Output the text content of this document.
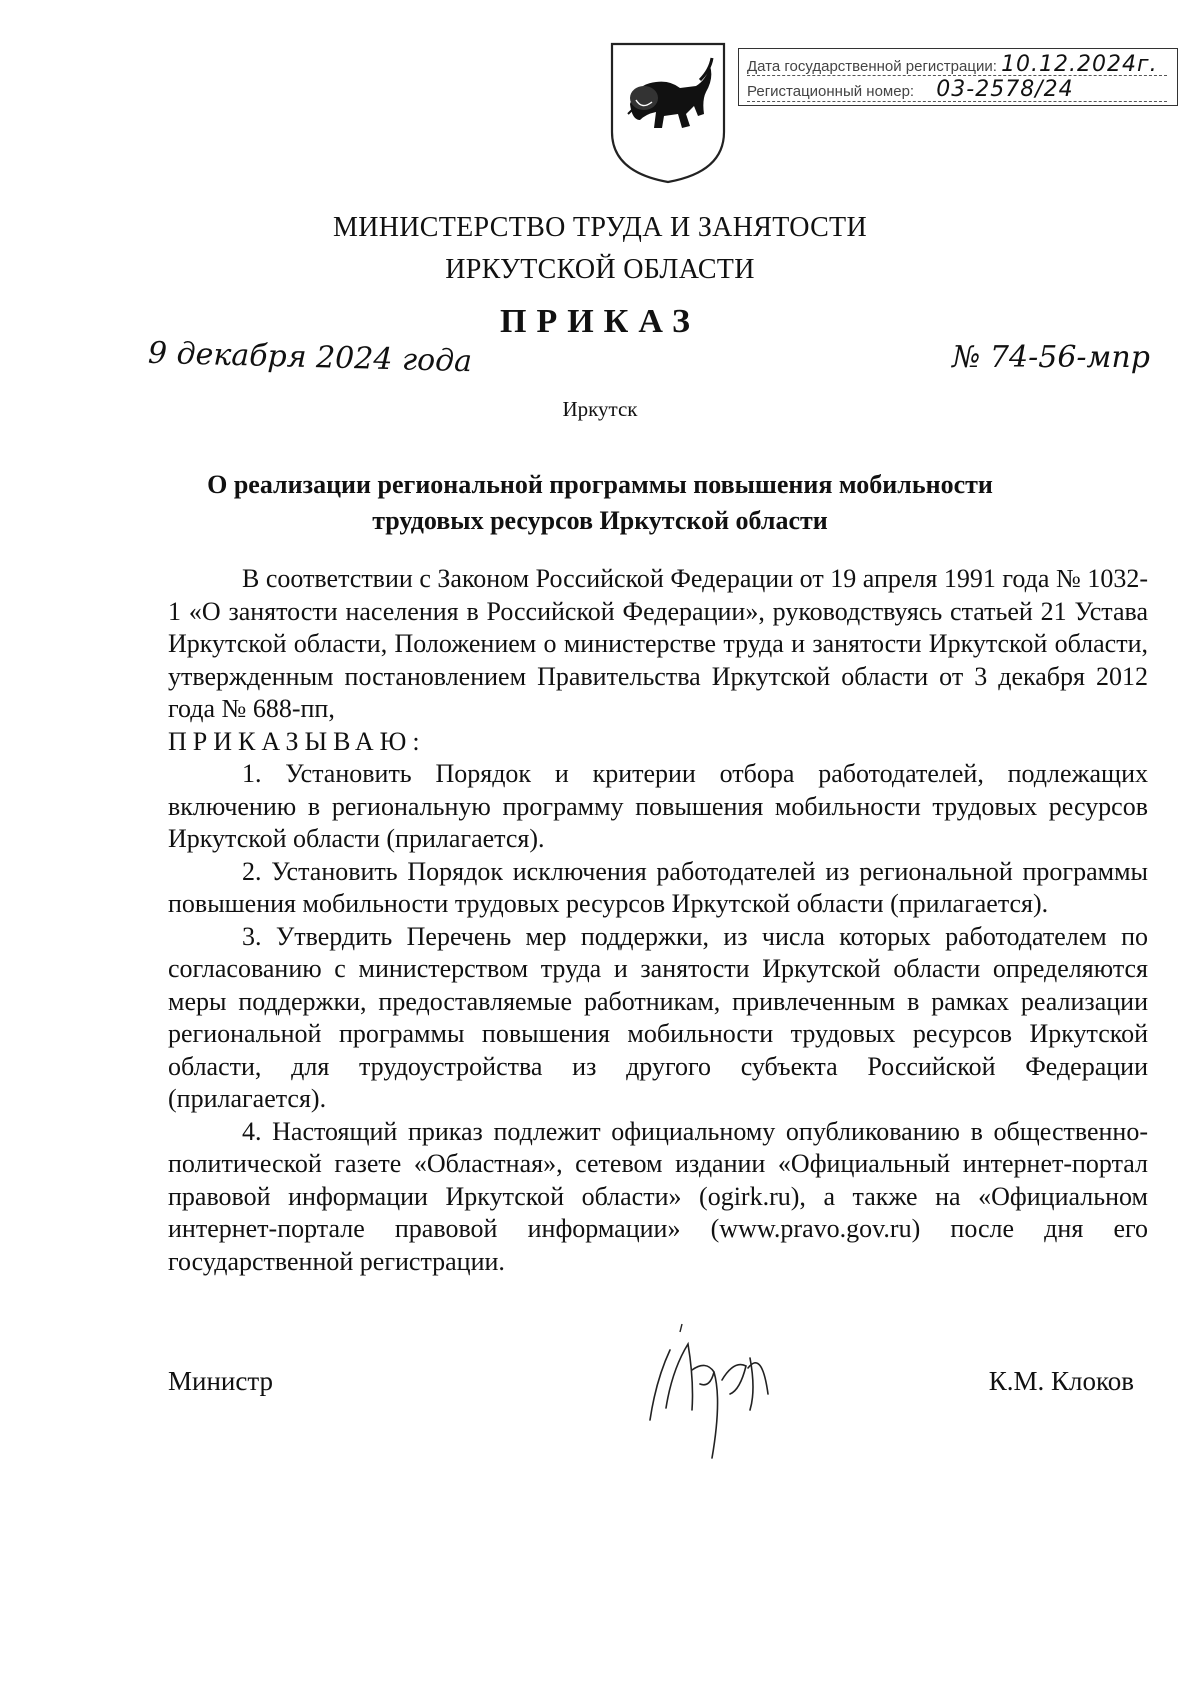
Дата государственной регистрации: 10.12.2024г.
Регистационный номер: 03-2578/24
МИНИСТЕРСТВО ТРУДА И ЗАНЯТОСТИ
ИРКУТСКОЙ ОБЛАСТИ
ПРИКАЗ
9 декабря 2024 года	№ 74-56-мпр
Иркутск
О реализации региональной программы повышения мобильности
трудовых ресурсов Иркутской области

В соответствии с Законом Российской Федерации от 19 апреля 1991 года № 1032-1 «О занятости населения в Российской Федерации», руководствуясь статьей 21 Устава Иркутской области, Положением о министерстве труда и занятости Иркутской области, утвержденным постановлением Правительства Иркутской области от 3 декабря 2012 года № 688-пп,

ПРИКАЗЫВАЮ:

1. Установить Порядок и критерии отбора работодателей, подлежащих включению в региональную программу повышения мобильности трудовых ресурсов Иркутской области (прилагается).

2. Установить Порядок исключения работодателей из региональной программы повышения мобильности трудовых ресурсов Иркутской области (прилагается).

3. Утвердить Перечень мер поддержки, из числа которых работодателем по согласованию с министерством труда и занятости Иркутской области определяются меры поддержки, предоставляемые работникам, привлеченным в рамках реализации региональной программы повышения мобильности трудовых ресурсов Иркутской области, для трудоустройства из другого субъекта Российской Федерации (прилагается).

4. Настоящий приказ подлежит официальному опубликованию в общественно-политической газете «Областная», сетевом издании «Официальный интернет-портал правовой информации Иркутской области» (ogirk.ru), а также на «Официальном интернет-портале правовой информации» (www.pravo.gov.ru) после дня его государственной регистрации.

Министр	К.М. Клоков
